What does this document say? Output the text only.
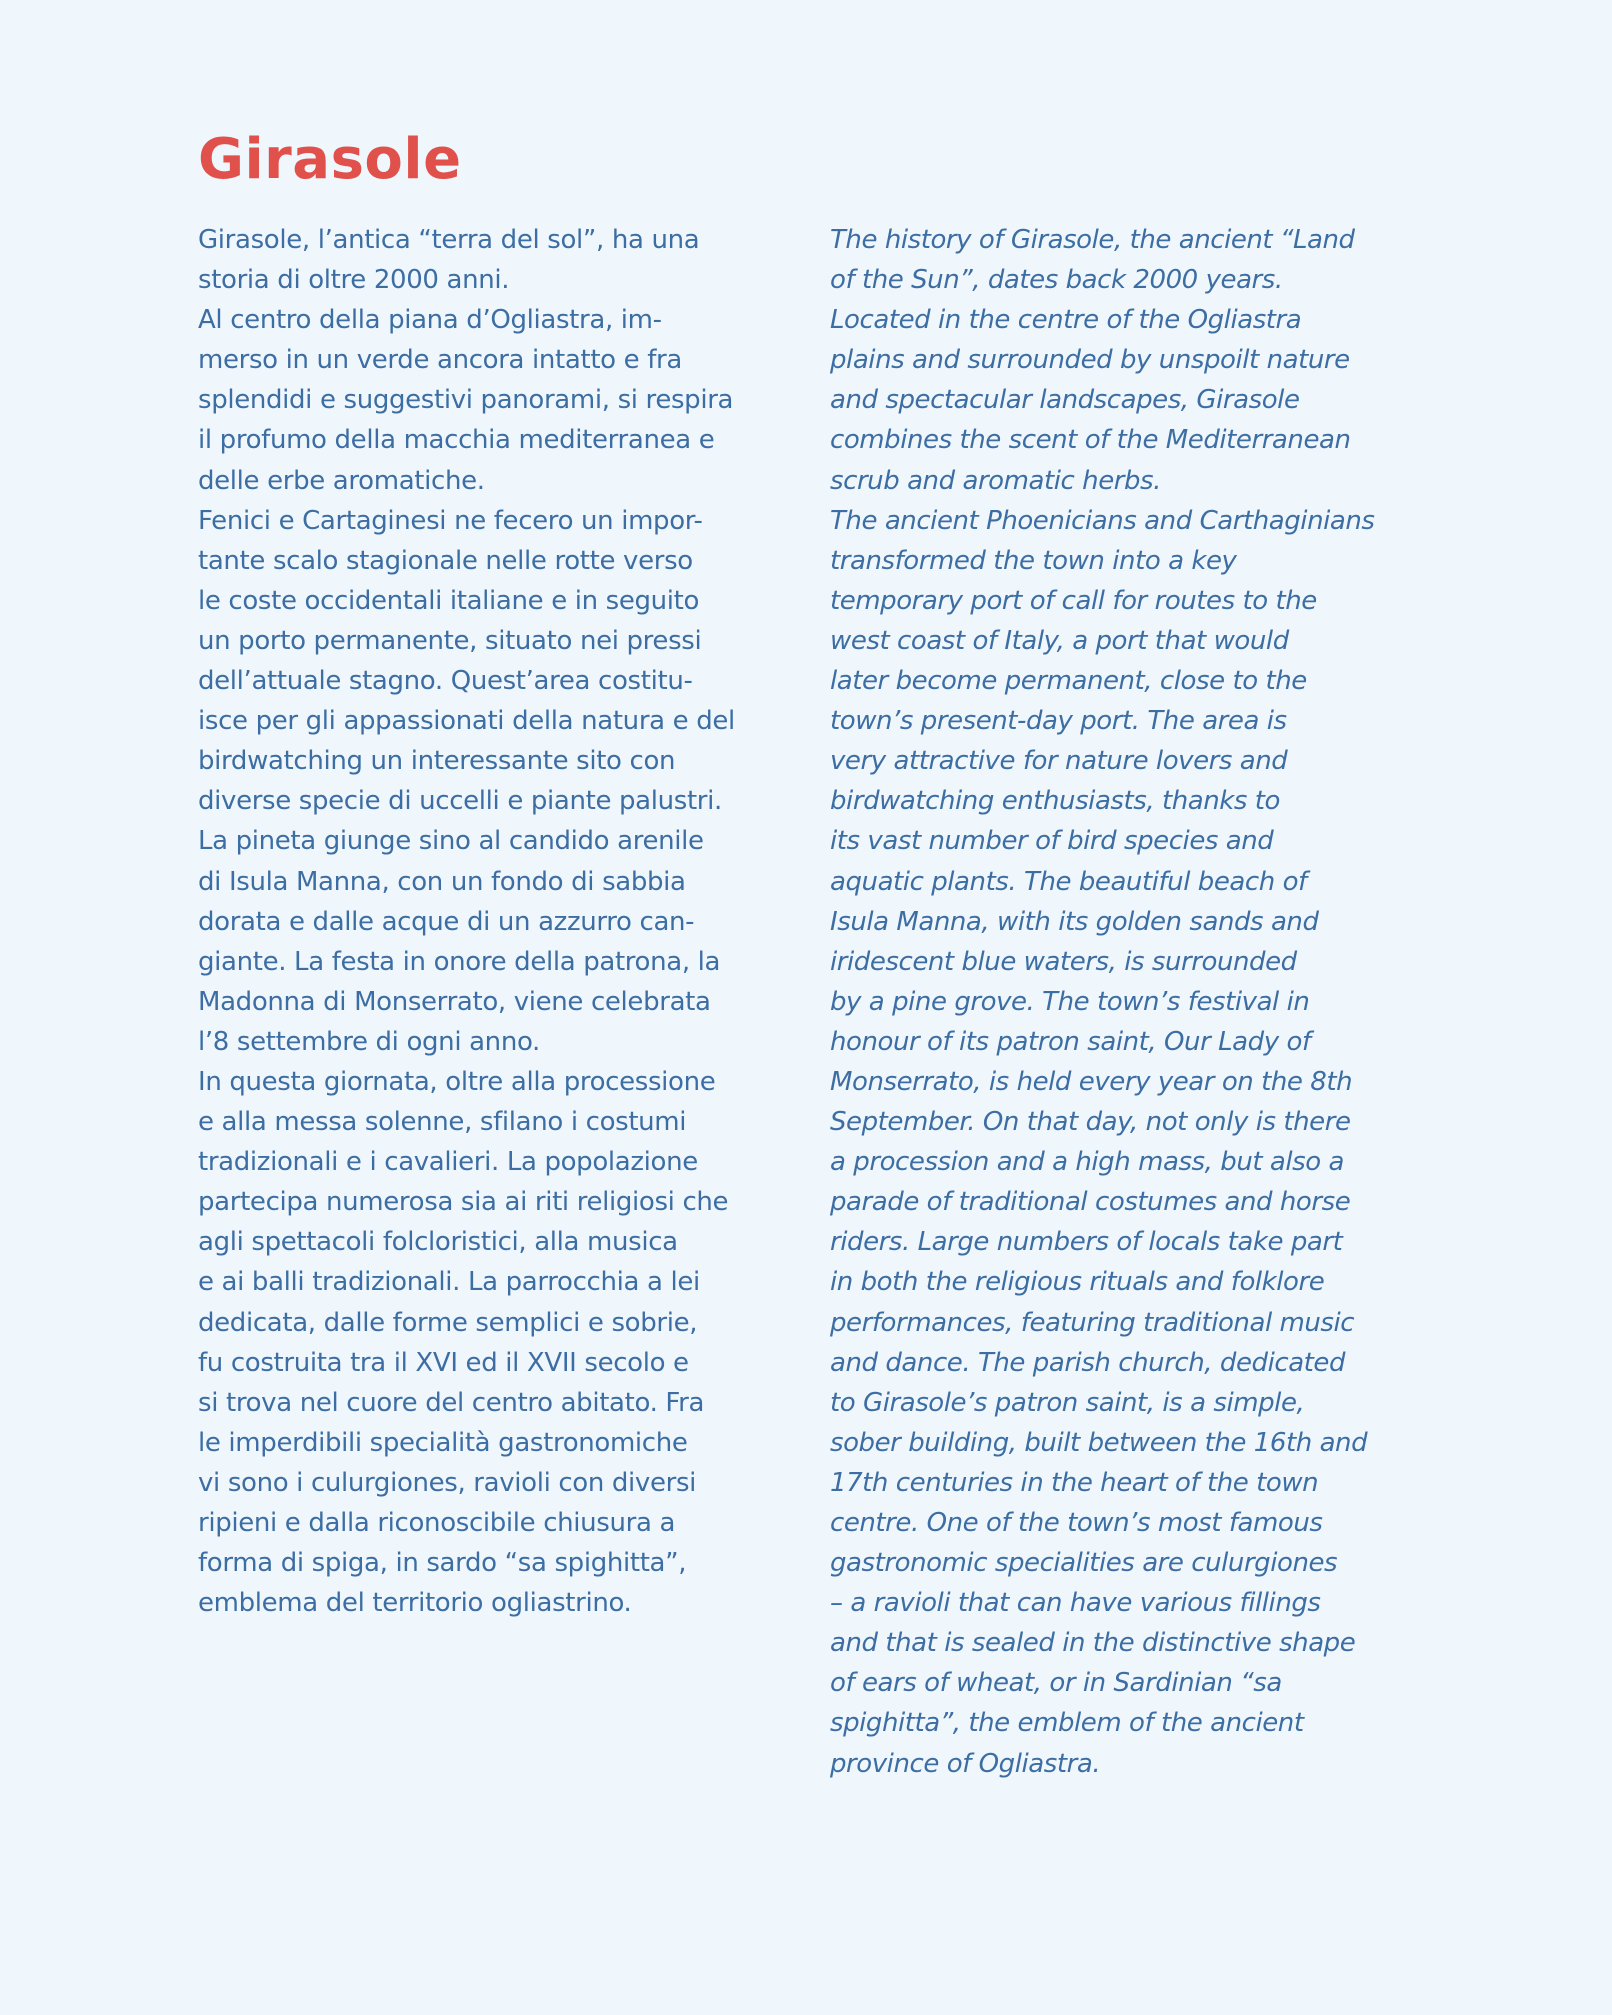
Girasole
Girasole, l’antica “terra del sol”, ha una
storia di oltre 2000 anni.
Al centro della piana d’Ogliastra, im-
merso in un verde ancora intatto e fra
splendidi e suggestivi panorami, si respira
il profumo della macchia mediterranea e
delle erbe aromatiche.
Fenici e Cartaginesi ne fecero un impor-
tante scalo stagionale nelle rotte verso
le coste occidentali italiane e in seguito
un porto permanente, situato nei pressi
dell’attuale stagno. Quest’area costitu-
isce per gli appassionati della natura e del
birdwatching un interessante sito con
diverse specie di uccelli e piante palustri.
La pineta giunge sino al candido arenile
di Isula Manna, con un fondo di sabbia
dorata e dalle acque di un azzurro can-
giante. La festa in onore della patrona, la
Madonna di Monserrato, viene celebrata
l’8 settembre di ogni anno.
In questa giornata, oltre alla processione
e alla messa solenne, sfilano i costumi
tradizionali e i cavalieri. La popolazione
partecipa numerosa sia ai riti religiosi che
agli spettacoli folcloristici, alla musica
e ai balli tradizionali. La parrocchia a lei
dedicata, dalle forme semplici e sobrie,
fu costruita tra il XVI ed il XVII secolo e
si trova nel cuore del centro abitato. Fra
le imperdibili specialità gastronomiche
vi sono i culurgiones, ravioli con diversi
ripieni e dalla riconoscibile chiusura a
forma di spiga, in sardo “sa spighitta”,
emblema del territorio ogliastrino.
The history of Girasole, the ancient “Land
of the Sun”, dates back 2000 years.
Located in the centre of the Ogliastra
plains and surrounded by unspoilt nature
and spectacular landscapes, Girasole
combines the scent of the Mediterranean
scrub and aromatic herbs.
The ancient Phoenicians and Carthaginians
transformed the town into a key
temporary port of call for routes to the
west coast of Italy, a port that would
later become permanent, close to the
town’s present-day port. The area is
very attractive for nature lovers and
birdwatching enthusiasts, thanks to
its vast number of bird species and
aquatic plants. The beautiful beach of
Isula Manna, with its golden sands and
iridescent blue waters, is surrounded
by a pine grove. The town’s festival in
honour of its patron saint, Our Lady of
Monserrato, is held every year on the 8th
September. On that day, not only is there
a procession and a high mass, but also a
parade of traditional costumes and horse
riders. Large numbers of locals take part
in both the religious rituals and folklore
performances, featuring traditional music
and dance. The parish church, dedicated
to Girasole’s patron saint, is a simple,
sober building, built between the 16th and
17th centuries in the heart of the town
centre. One of the town’s most famous
gastronomic specialities are culurgiones
– a ravioli that can have various fillings
and that is sealed in the distinctive shape
of ears of wheat, or in Sardinian “sa
spighitta”, the emblem of the ancient
province of Ogliastra.
